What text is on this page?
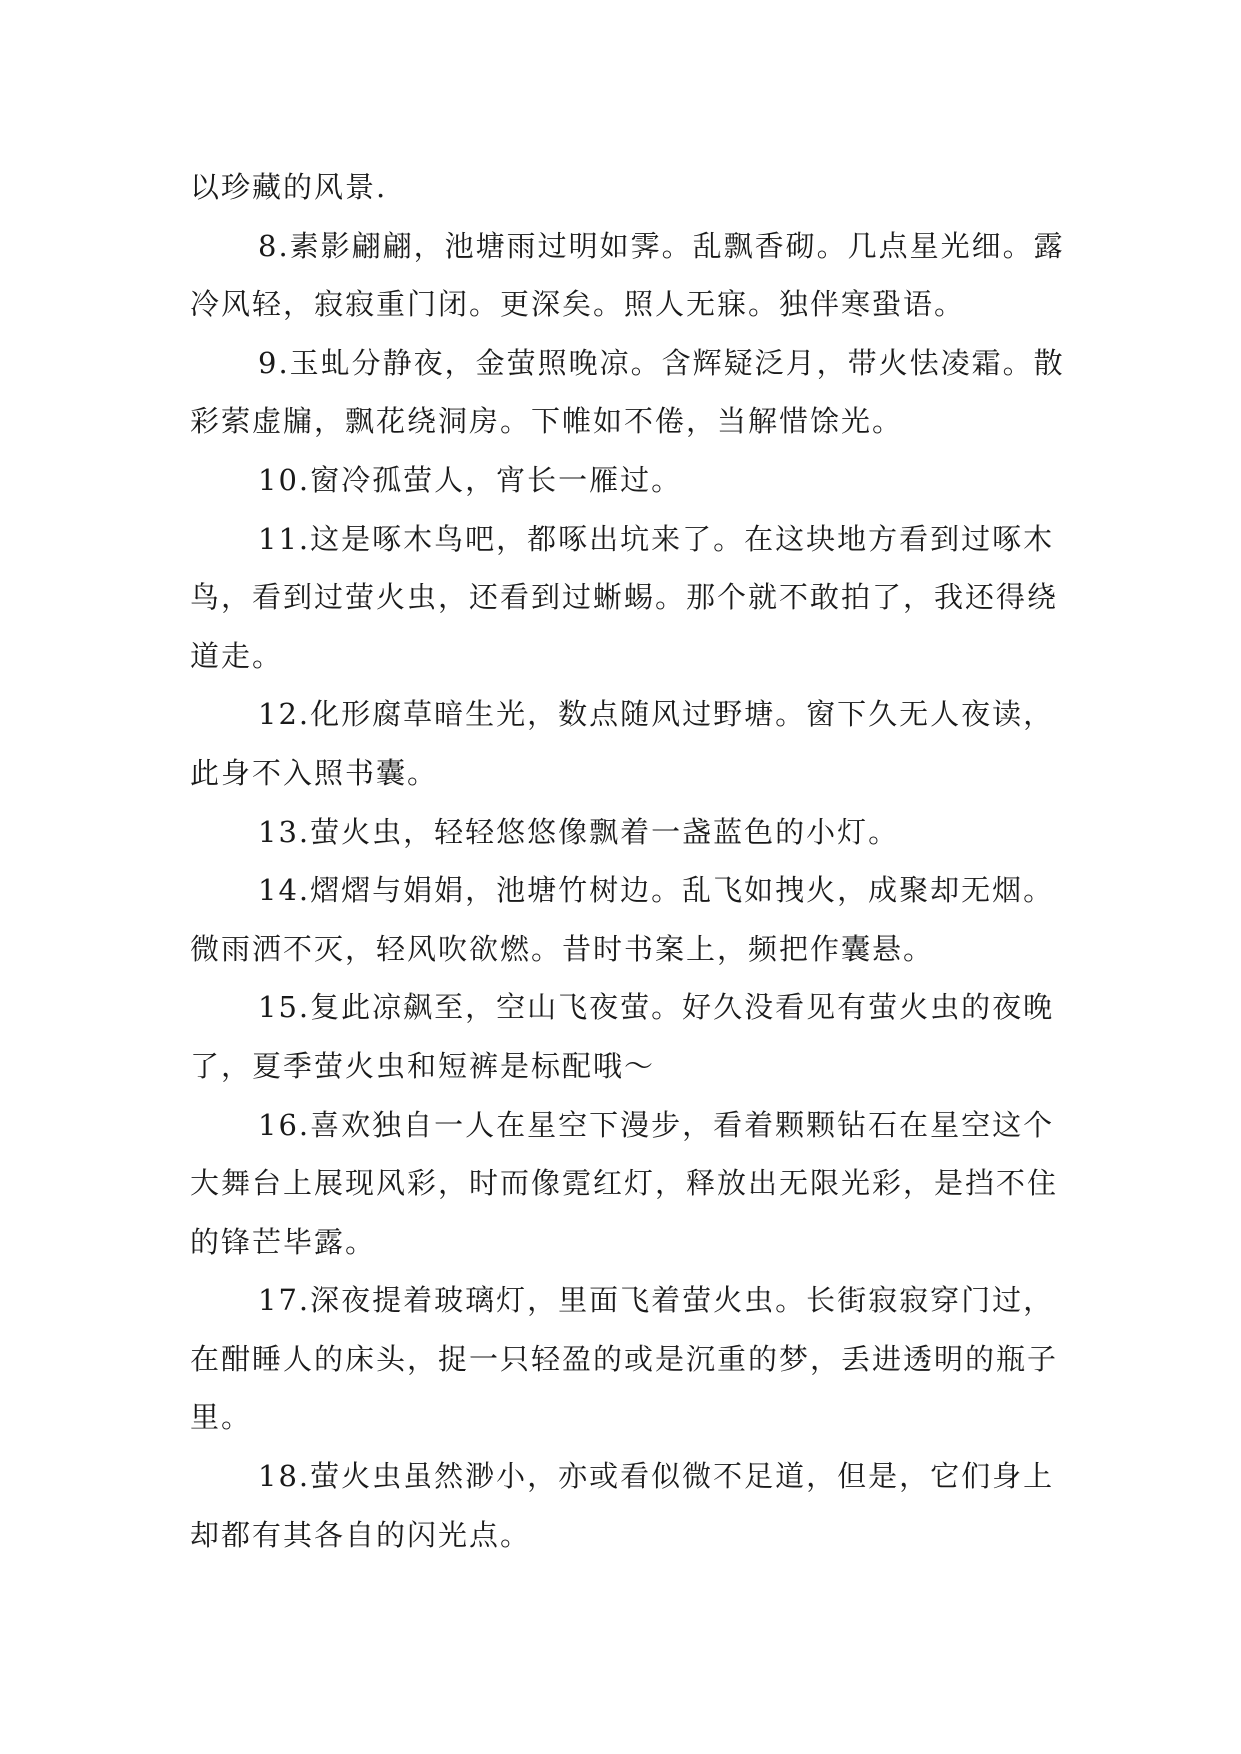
以珍藏的风景.

8.素影翩翩，池塘雨过明如霁。乱飘香砌。几点星光细。露冷风轻，寂寂重门闭。更深矣。照人无寐。独伴寒蛩语。

9.玉虬分静夜，金萤照晚凉。含辉疑泛月，带火怯凌霜。散彩萦虚牖，飘花绕洞房。下帷如不倦，当解惜馀光。

10.窗冷孤萤人，宵长一雁过。

11.这是啄木鸟吧，都啄出坑来了。在这块地方看到过啄木鸟，看到过萤火虫，还看到过蜥蜴。那个就不敢拍了，我还得绕道走。

12.化形腐草暗生光，数点随风过野塘。窗下久无人夜读，此身不入照书囊。

13.萤火虫，轻轻悠悠像飘着一盏蓝色的小灯。

14.熠熠与娟娟，池塘竹树边。乱飞如拽火，成聚却无烟。微雨洒不灭，轻风吹欲燃。昔时书案上，频把作囊悬。

15.复此凉飙至，空山飞夜萤。好久没看见有萤火虫的夜晚了，夏季萤火虫和短裤是标配哦～

16.喜欢独自一人在星空下漫步，看着颗颗钻石在星空这个大舞台上展现风彩，时而像霓红灯，释放出无限光彩，是挡不住的锋芒毕露。

17.深夜提着玻璃灯，里面飞着萤火虫。长街寂寂穿门过，在酣睡人的床头，捉一只轻盈的或是沉重的梦，丢进透明的瓶子里。

18.萤火虫虽然渺小，亦或看似微不足道，但是，它们身上却都有其各自的闪光点。
